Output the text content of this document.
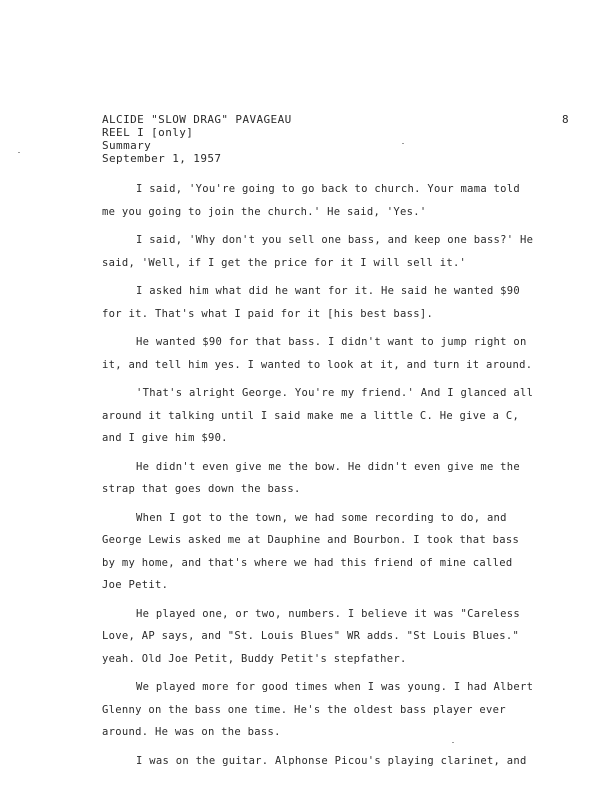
ALCIDE "SLOW DRAG" PAVAGEAU
REEL I [only]
Summary
September 1, 1957
8
I said, 'You're going to go back to church. Your mama told
me you going to join the church.' He said, 'Yes.'
I said, 'Why don't you sell one bass, and keep one bass?' He
said, 'Well, if I get the price for it I will sell it.'
I asked him what did he want for it. He said he wanted $90
for it. That's what I paid for it [his best bass].
He wanted $90 for that bass. I didn't want to jump right on
it, and tell him yes. I wanted to look at it, and turn it around.
'That's alright George. You're my friend.' And I glanced all
around it talking until I said make me a little C. He give a C,
and I give him $90.
He didn't even give me the bow. He didn't even give me the
strap that goes down the bass.
When I got to the town, we had some recording to do, and
George Lewis asked me at Dauphine and Bourbon. I took that bass
by my home, and that's where we had this friend of mine called
Joe Petit.
He played one, or two, numbers. I believe it was "Careless
Love, AP says, and "St. Louis Blues" WR adds. "St Louis Blues."
yeah. Old Joe Petit, Buddy Petit's stepfather.
We played more for good times when I was young. I had Albert
Glenny on the bass one time. He's the oldest bass player ever
around. He was on the bass.
I was on the guitar. Alphonse Picou's playing clarinet, and
